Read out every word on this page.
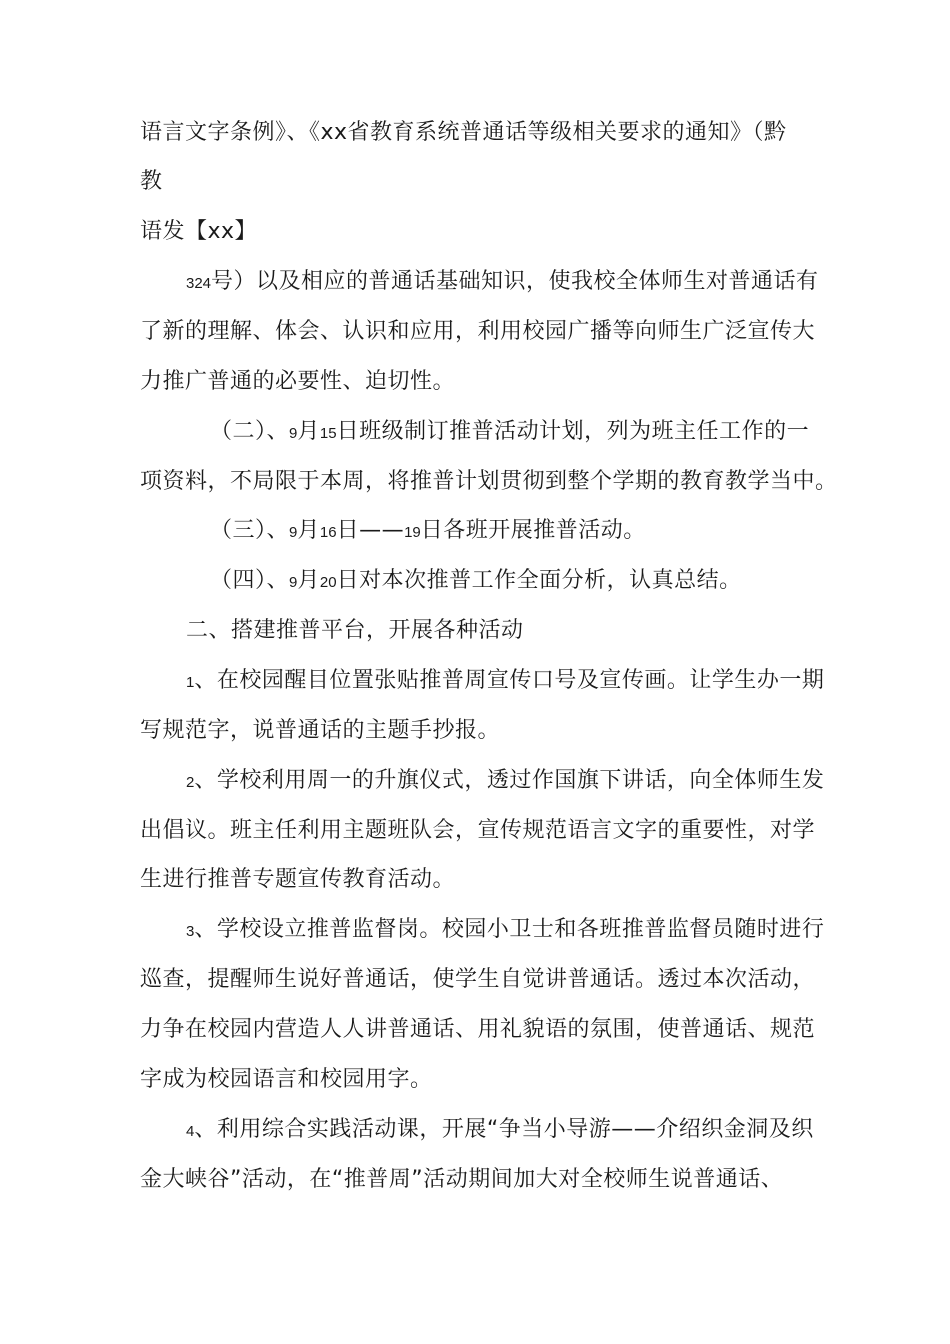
语言文字条例》、《xx省教育系统普通话等级相关要求的通知》（黔
教
语发【xx】
324号）以及相应的普通话基础知识，使我校全体师生对普通话有
了新的理解、体会、认识和应用，利用校园广播等向师生广泛宣传大
力推广普通的必要性、迫切性。
（二）、9月15日班级制订推普活动计划，列为班主任工作的一
项资料，不局限于本周，将推普计划贯彻到整个学期的教育教学当中。
（三）、9月16日——19日各班开展推普活动。
（四）、9月20日对本次推普工作全面分析，认真总结。
二、搭建推普平台，开展各种活动
1、在校园醒目位置张贴推普周宣传口号及宣传画。让学生办一期
写规范字，说普通话的主题手抄报。
2、学校利用周一的升旗仪式，透过作国旗下讲话，向全体师生发
出倡议。班主任利用主题班队会，宣传规范语言文字的重要性，对学
生进行推普专题宣传教育活动。
3、学校设立推普监督岗。校园小卫士和各班推普监督员随时进行
巡查，提醒师生说好普通话，使学生自觉讲普通话。透过本次活动，
力争在校园内营造人人讲普通话、用礼貌语的氛围，使普通话、规范
字成为校园语言和校园用字。
4、利用综合实践活动课，开展“争当小导游——介绍织金洞及织
金大峡谷”活动，在“推普周”活动期间加大对全校师生说普通话、
